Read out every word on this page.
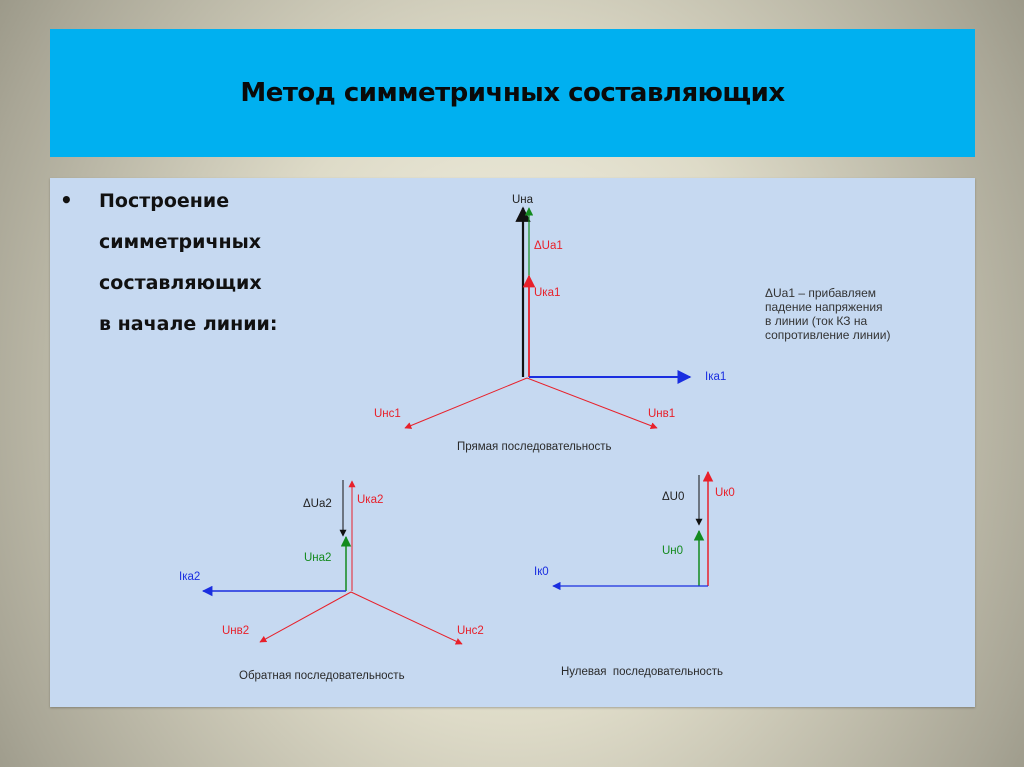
Метод симметричных составляющих
• Построение
симметричных
составляющих
в начале линии:
ΔUa1 – прибавляем
падение напряжения
в линии (ток КЗ на
сопротивление линии)
Uна
ΔUa1
Uка1
Iка1
Uнс1	Uнв1
Прямая последовательность
ΔUa2 Uка2
Uна2
Iка2
Uнв2	Uнс2
Обратная последовательность
ΔU0	Uк0
Uн0
Iк0
Нулевая  последовательность
